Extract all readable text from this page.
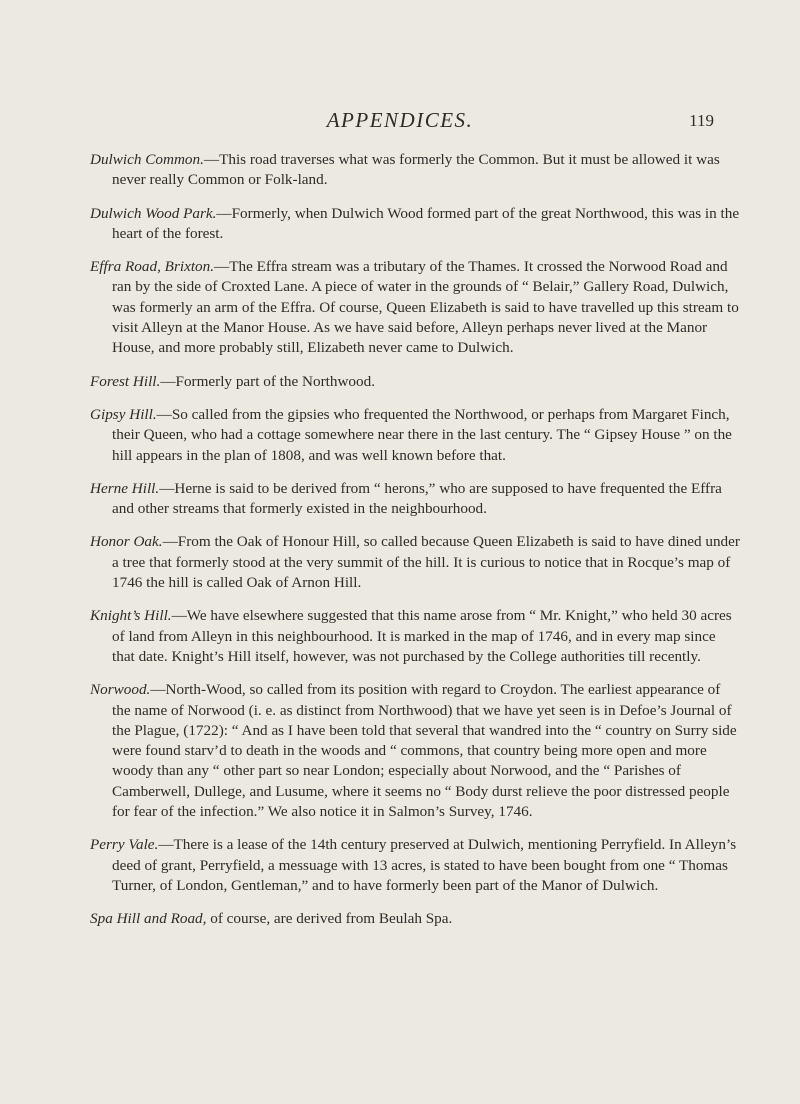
APPENDICES.	119

Dulwich Common.—This road traverses what was formerly the Common. But it must be allowed it was never really Common or Folk-land.

Dulwich Wood Park.—Formerly, when Dulwich Wood formed part of the great Northwood, this was in the heart of the forest.

Effra Road, Brixton.—The Effra stream was a tributary of the Thames. It crossed the Norwood Road and ran by the side of Croxted Lane. A piece of water in the grounds of “ Belair,” Gallery Road, Dulwich, was formerly an arm of the Effra. Of course, Queen Elizabeth is said to have travelled up this stream to visit Alleyn at the Manor House. As we have said before, Alleyn perhaps never lived at the Manor House, and more probably still, Elizabeth never came to Dulwich.

Forest Hill.—Formerly part of the Northwood.

Gipsy Hill.—So called from the gipsies who frequented the Northwood, or perhaps from Margaret Finch, their Queen, who had a cottage somewhere near there in the last century. The “ Gipsey House ” on the hill appears in the plan of 1808, and was well known before that.

Herne Hill.—Herne is said to be derived from “ herons,” who are supposed to have frequented the Effra and other streams that formerly existed in the neighbourhood.

Honor Oak.—From the Oak of Honour Hill, so called because Queen Elizabeth is said to have dined under a tree that formerly stood at the very summit of the hill. It is curious to notice that in Rocque’s map of 1746 the hill is called Oak of Arnon Hill.

Knight’s Hill.—We have elsewhere suggested that this name arose from “ Mr. Knight,” who held 30 acres of land from Alleyn in this neighbourhood. It is marked in the map of 1746, and in every map since that date. Knight’s Hill itself, however, was not purchased by the College authorities till recently.

Norwood.—North-Wood, so called from its position with regard to Croydon. The earliest appearance of the name of Norwood (i. e. as distinct from Northwood) that we have yet seen is in Defoe’s Journal of the Plague, (1722): “ And as I have been told that several that wandred into the “ country on Surry side were found starv’d to death in the woods and “ commons, that country being more open and more woody than any “ other part so near London; especially about Norwood, and the “ Parishes of Camberwell, Dullege, and Lusume, where it seems no “ Body durst relieve the poor distressed people for fear of the infection.” We also notice it in Salmon’s Survey, 1746.

Perry Vale.—There is a lease of the 14th century preserved at Dulwich, mentioning Perryfield. In Alleyn’s deed of grant, Perryfield, a messuage with 13 acres, is stated to have been bought from one “ Thomas Turner, of London, Gentleman,” and to have formerly been part of the Manor of Dulwich.

Spa Hill and Road, of course, are derived from Beulah Spa.
